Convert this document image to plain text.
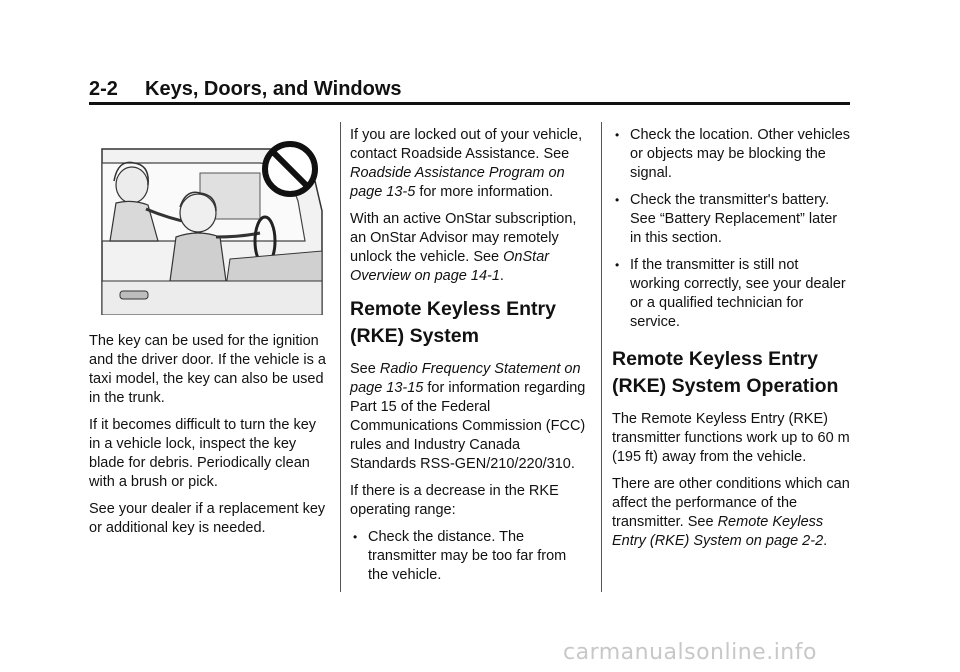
2-2 Keys, Doors, and Windows

The key can be used for the ignition and the driver door. If the vehicle is a taxi model, the key can also be used in the trunk.

If it becomes difficult to turn the key in a vehicle lock, inspect the key blade for debris. Periodically clean with a brush or pick.

See your dealer if a replacement key or additional key is needed.

If you are locked out of your vehicle, contact Roadside Assistance. See Roadside Assistance Program on page 13-5 for more information.

With an active OnStar subscription, an OnStar Advisor may remotely unlock the vehicle. See OnStar Overview on page 14-1.

Remote Keyless Entry (RKE) System

See Radio Frequency Statement on page 13-15 for information regarding Part 15 of the Federal Communications Commission (FCC) rules and Industry Canada Standards RSS-GEN/210/220/310.

If there is a decrease in the RKE operating range:

• Check the distance. The transmitter may be too far from the vehicle.
• Check the location. Other vehicles or objects may be blocking the signal.
• Check the transmitter's battery. See “Battery Replacement” later in this section.
• If the transmitter is still not working correctly, see your dealer or a qualified technician for service.
Remote Keyless Entry (RKE) System Operation

The Remote Keyless Entry (RKE) transmitter functions work up to 60 m (195 ft) away from the vehicle.

There are other conditions which can affect the performance of the transmitter. See Remote Keyless Entry (RKE) System on page 2-2.

carmanualsonline.info
